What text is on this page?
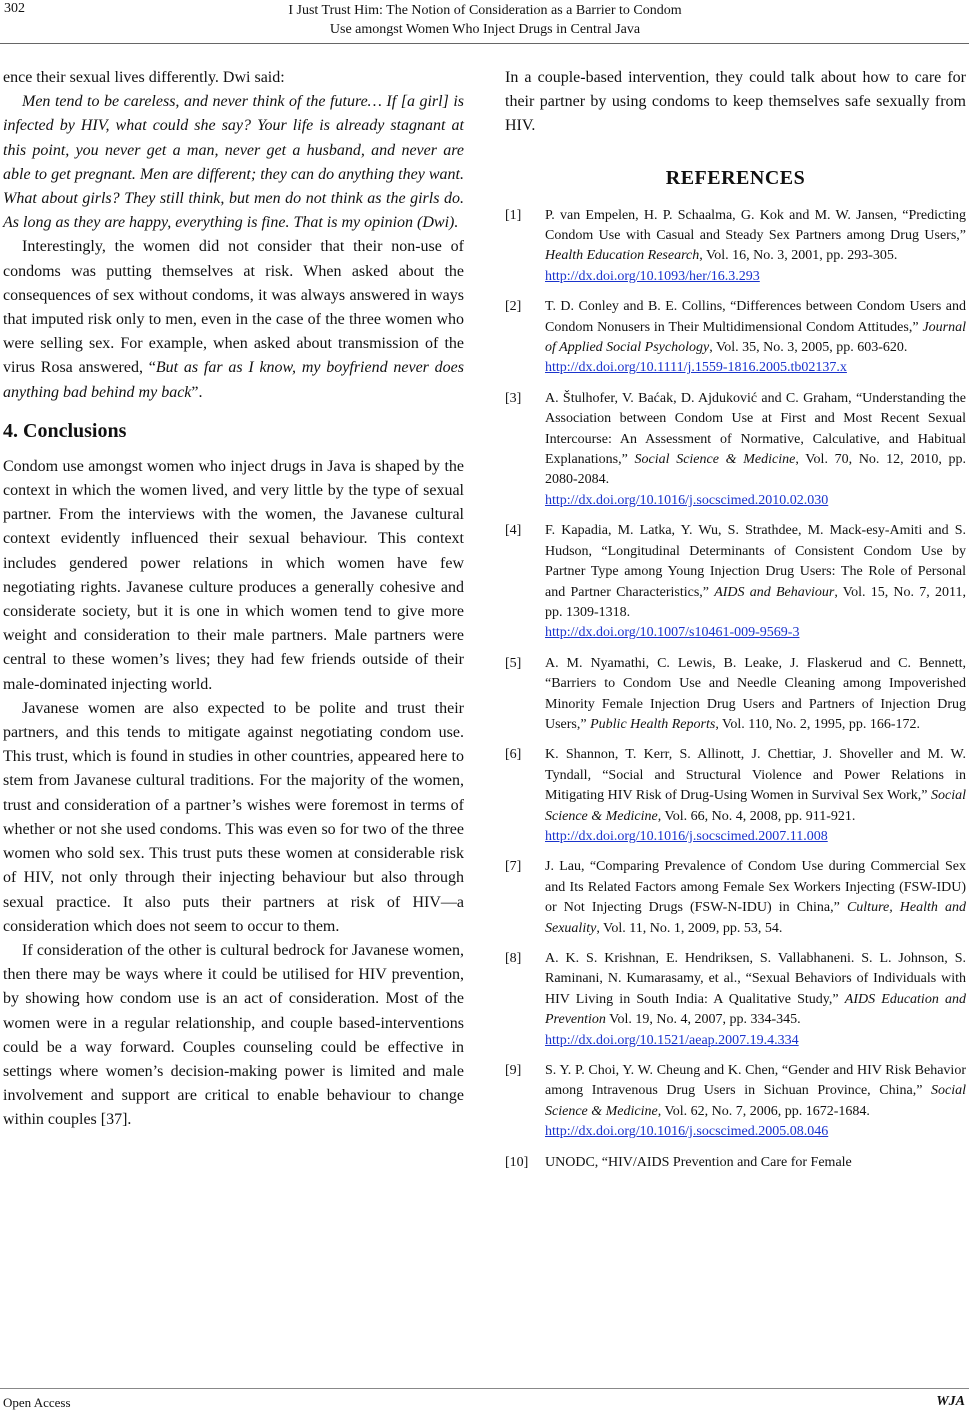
302	I Just Trust Him: The Notion of Consideration as a Barrier to Condom
Use amongst Women Who Inject Drugs in Central Java

ence their sexual lives differently. Dwi said:

Men tend to be careless, and never think of the future… If [a girl] is infected by HIV, what could she say? Your life is already stagnant at this point, you never get a man, never get a husband, and never are able to get pregnant. Men are different; they can do anything they want. What about girls? They still think, but men do not think as the girls do. As long as they are happy, everything is fine. That is my opinion (Dwi).

Interestingly, the women did not consider that their non-use of condoms was putting themselves at risk. When asked about the consequences of sex without condoms, it was always answered in ways that imputed risk only to men, even in the case of the three women who were selling sex. For example, when asked about transmission of the virus Rosa answered, “But as far as I know, my boyfriend never does anything bad behind my back”.

4. Conclusions

Condom use amongst women who inject drugs in Java is shaped by the context in which the women lived, and very little by the type of sexual partner. From the interviews with the women, the Javanese cultural context evidently influenced their sexual behaviour. This context includes gendered power relations in which women have few negotiating rights. Javanese culture produces a generally cohesive and considerate society, but it is one in which women tend to give more weight and consideration to their male partners. Male partners were central to these women’s lives; they had few friends outside of their male-dominated injecting world.

Javanese women are also expected to be polite and trust their partners, and this tends to mitigate against negotiating condom use. This trust, which is found in studies in other countries, appeared here to stem from Javanese cultural traditions. For the majority of the women, trust and consideration of a partner’s wishes were foremost in terms of whether or not she used condoms. This was even so for two of the three women who sold sex. This trust puts these women at considerable risk of HIV, not only through their injecting behaviour but also through sexual practice. It also puts their partners at risk of HIV—a consideration which does not seem to occur to them.

If consideration of the other is cultural bedrock for Javanese women, then there may be ways where it could be utilised for HIV prevention, by showing how condom use is an act of consideration. Most of the women were in a regular relationship, and couple based-interventions could be a way forward. Couples counseling could be effective in settings where women’s decision-making power is limited and male involvement and support are critical to enable behaviour to change within couples [37].

In a couple-based intervention, they could talk about how to care for their partner by using condoms to keep themselves safe sexually from HIV.

REFERENCES
[1] P. van Empelen, H. P. Schaalma, G. Kok and M. W. Jansen, “Predicting Condom Use with Casual and Steady Sex Partners among Drug Users,” Health Education Research, Vol. 16, No. 3, 2001, pp. 293-305.
http://dx.doi.org/10.1093/her/16.3.293
[2] T. D. Conley and B. E. Collins, “Differences between Condom Users and Condom Nonusers in Their Multidimensional Condom Attitudes,” Journal of Applied Social Psychology, Vol. 35, No. 3, 2005, pp. 603-620.
http://dx.doi.org/10.1111/j.1559-1816.2005.tb02137.x
[3] A. Štulhofer, V. Baćak, D. Ajduković and C. Graham, “Understanding the Association between Condom Use at First and Most Recent Sexual Intercourse: An Assessment of Normative, Calculative, and Habitual Explanations,” Social Science & Medicine, Vol. 70, No. 12, 2010, pp. 2080-2084.
http://dx.doi.org/10.1016/j.socscimed.2010.02.030
[4] F. Kapadia, M. Latka, Y. Wu, S. Strathdee, M. Mack-esy-Amiti and S. Hudson, “Longitudinal Determinants of Consistent Condom Use by Partner Type among Young Injection Drug Users: The Role of Personal and Partner Characteristics,” AIDS and Behaviour, Vol. 15, No. 7, 2011, pp. 1309-1318.
http://dx.doi.org/10.1007/s10461-009-9569-3
[5] A. M. Nyamathi, C. Lewis, B. Leake, J. Flaskerud and C. Bennett, “Barriers to Condom Use and Needle Cleaning among Impoverished Minority Female Injection Drug Users and Partners of Injection Drug Users,” Public Health Reports, Vol. 110, No. 2, 1995, pp. 166-172.
[6] K. Shannon, T. Kerr, S. Allinott, J. Chettiar, J. Shoveller and M. W. Tyndall, “Social and Structural Violence and Power Relations in Mitigating HIV Risk of Drug-Using Women in Survival Sex Work,” Social Science & Medicine, Vol. 66, No. 4, 2008, pp. 911-921.
http://dx.doi.org/10.1016/j.socscimed.2007.11.008
[7] J. Lau, “Comparing Prevalence of Condom Use during Commercial Sex and Its Related Factors among Female Sex Workers Injecting (FSW-IDU) or Not Injecting Drugs (FSW-N-IDU) in China,” Culture, Health and Sexuality, Vol. 11, No. 1, 2009, pp. 53, 54.
[8] A. K. S. Krishnan, E. Hendriksen, S. Vallabhaneni. S. L. Johnson, S. Raminani, N. Kumarasamy, et al., “Sexual Behaviors of Individuals with HIV Living in South India: A Qualitative Study,” AIDS Education and Prevention Vol. 19, No. 4, 2007, pp. 334-345.
http://dx.doi.org/10.1521/aeap.2007.19.4.334
[9] S. Y. P. Choi, Y. W. Cheung and K. Chen, “Gender and HIV Risk Behavior among Intravenous Drug Users in Sichuan Province, China,” Social Science & Medicine, Vol. 62, No. 7, 2006, pp. 1672-1684.
http://dx.doi.org/10.1016/j.socscimed.2005.08.046
[10] UNODC, “HIV/AIDS Prevention and Care for Female
Open Access	WJA
